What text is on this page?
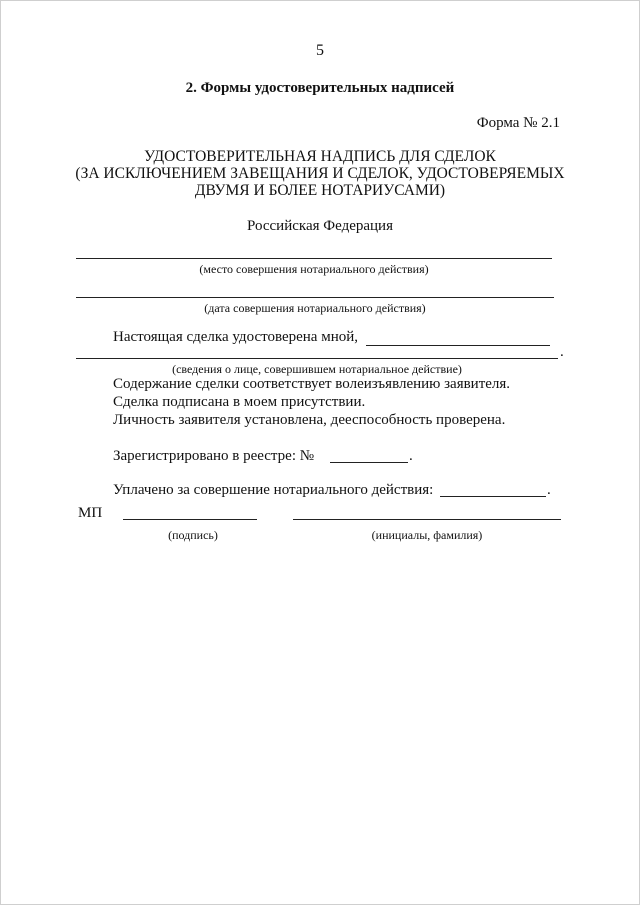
5
2. Формы удостоверительных надписей
Форма № 2.1
УДОСТОВЕРИТЕЛЬНАЯ НАДПИСЬ ДЛЯ СДЕЛОК
(ЗА ИСКЛЮЧЕНИЕМ ЗАВЕЩАНИЯ И СДЕЛОК, УДОСТОВЕРЯЕМЫХ
ДВУМЯ И БОЛЕЕ НОТАРИУСАМИ)
Российская Федерация
(место совершения нотариального действия)
(дата совершения нотариального действия)
Настоящая сделка удостоверена мной,
.
(сведения о лице, совершившем нотариальное действие)
Содержание сделки соответствует волеизъявлению заявителя.
Сделка подписана в моем присутствии.
Личность заявителя установлена, дееспособность проверена.
Зарегистрировано в реестре: №	.
Уплачено за совершение нотариального действия:	.
МП
(подпись)	(инициалы, фамилия)
